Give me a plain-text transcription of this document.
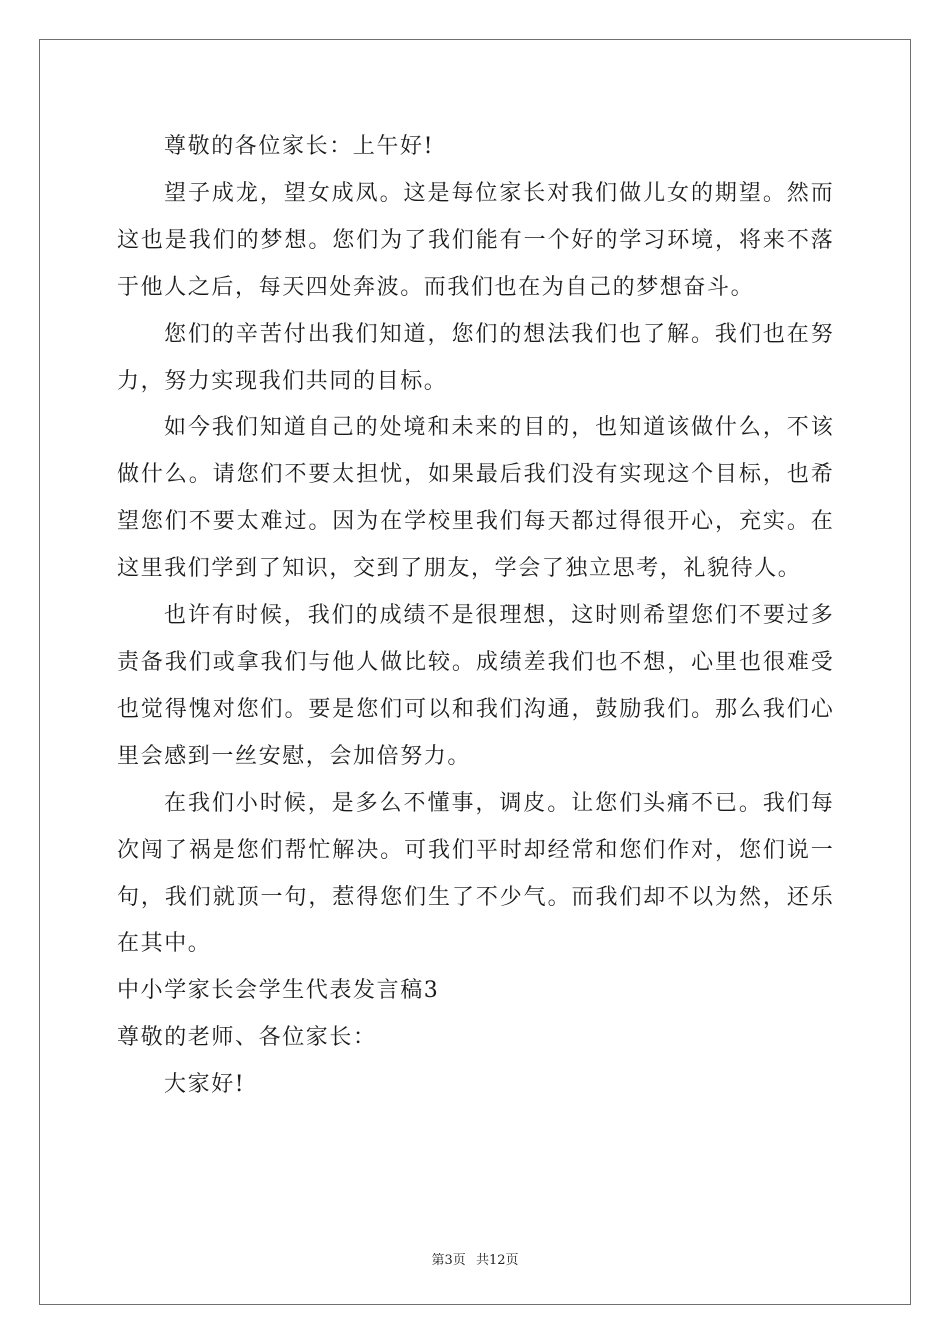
尊敬的各位家长：上午好!

望 子 成 龙 ， 望 女 成 凤 。 这 是 每 位 家 长 对 我 们 做 儿 女 的 期 望 。 然 而

这 也 是 我 们 的 梦 想 。 您 们 为 了 我 们 能 有 一 个 好 的 学 习 环 境 ， 将 来 不 落

于他人之后，每天四处奔波。而我们也在为自己的梦想奋斗。

您 们 的 辛 苦 付 出 我 们 知 道 ， 您 们 的 想 法 我 们 也 了 解 。 我 们 也 在 努

力，努力实现我们共同的目标。

如 今 我 们 知 道 自 己 的 处 境 和 未 来 的 目 的 ， 也 知 道 该 做 什 么 ， 不 该

做 什 么 。 请 您 们 不 要 太 担 忧 ， 如 果 最 后 我 们 没 有 实 现 这 个 目 标 ， 也 希

望 您 们 不 要 太 难 过 。 因 为 在 学 校 里 我 们 每 天 都 过 得 很 开 心 ， 充 实 。 在

这里我们学到了知识，交到了朋友，学会了独立思考，礼貌待人。

也 许 有 时 候 ， 我 们 的 成 绩 不 是 很 理 想 ， 这 时 则 希 望 您 们 不 要 过 多

责 备 我 们 或 拿 我 们 与 他 人 做 比 较 。 成 绩 差 我 们 也 不 想 ， 心 里 也 很 难 受

也 觉 得 愧 对 您 们 。 要 是 您 们 可 以 和 我 们 沟 通 ， 鼓 励 我 们 。 那 么 我 们 心

里会感到一丝安慰，会加倍努力。

在 我 们 小 时 候 ， 是 多 么 不 懂 事 ， 调 皮 。 让 您 们 头 痛 不 已 。 我 们 每

次 闯 了 祸 是 您 们 帮 忙 解 决 。 可 我 们 平 时 却 经 常 和 您 们 作 对 ， 您 们 说 一

句 ， 我 们 就 顶 一 句 ， 惹 得 您 们 生 了 不 少 气 。 而 我 们 却 不 以 为 然 ， 还 乐

在其中。

中小学家长会学生代表发言稿3

尊敬的老师、各位家长：

大家好!

第3页 共12页
